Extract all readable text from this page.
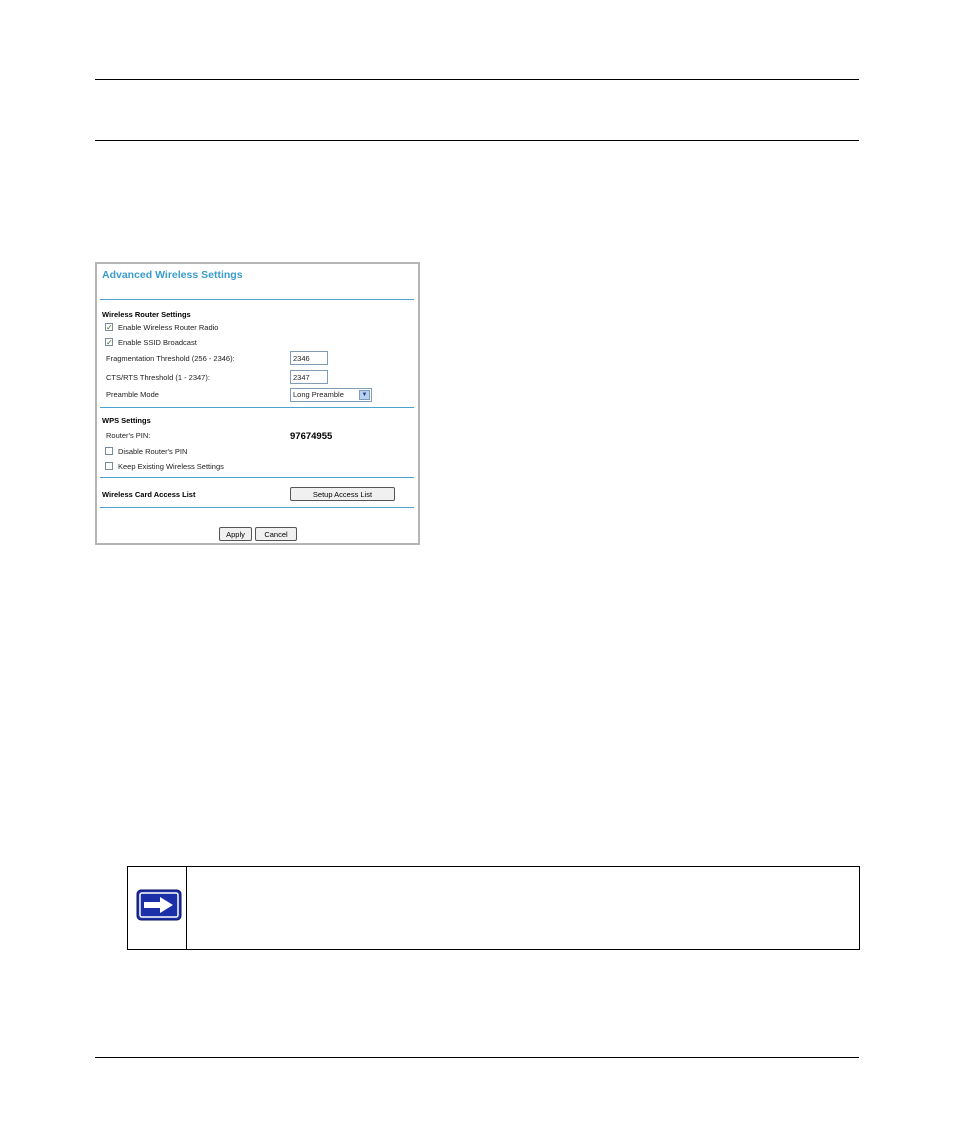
Advanced Wireless Settings
Wireless Router Settings
✓ Enable Wireless Router Radio
✓ Enable SSID Broadcast
Fragmentation Threshold (256 - 2346):
2346
CTS/RTS Threshold (1 - 2347):
2347
Preamble Mode	Long Preamble	▼
WPS Settings
Router's PIN:	97674955
Disable Router's PIN
Keep Existing Wireless Settings
Wireless Card Access List	Setup Access List
Apply	Cancel
